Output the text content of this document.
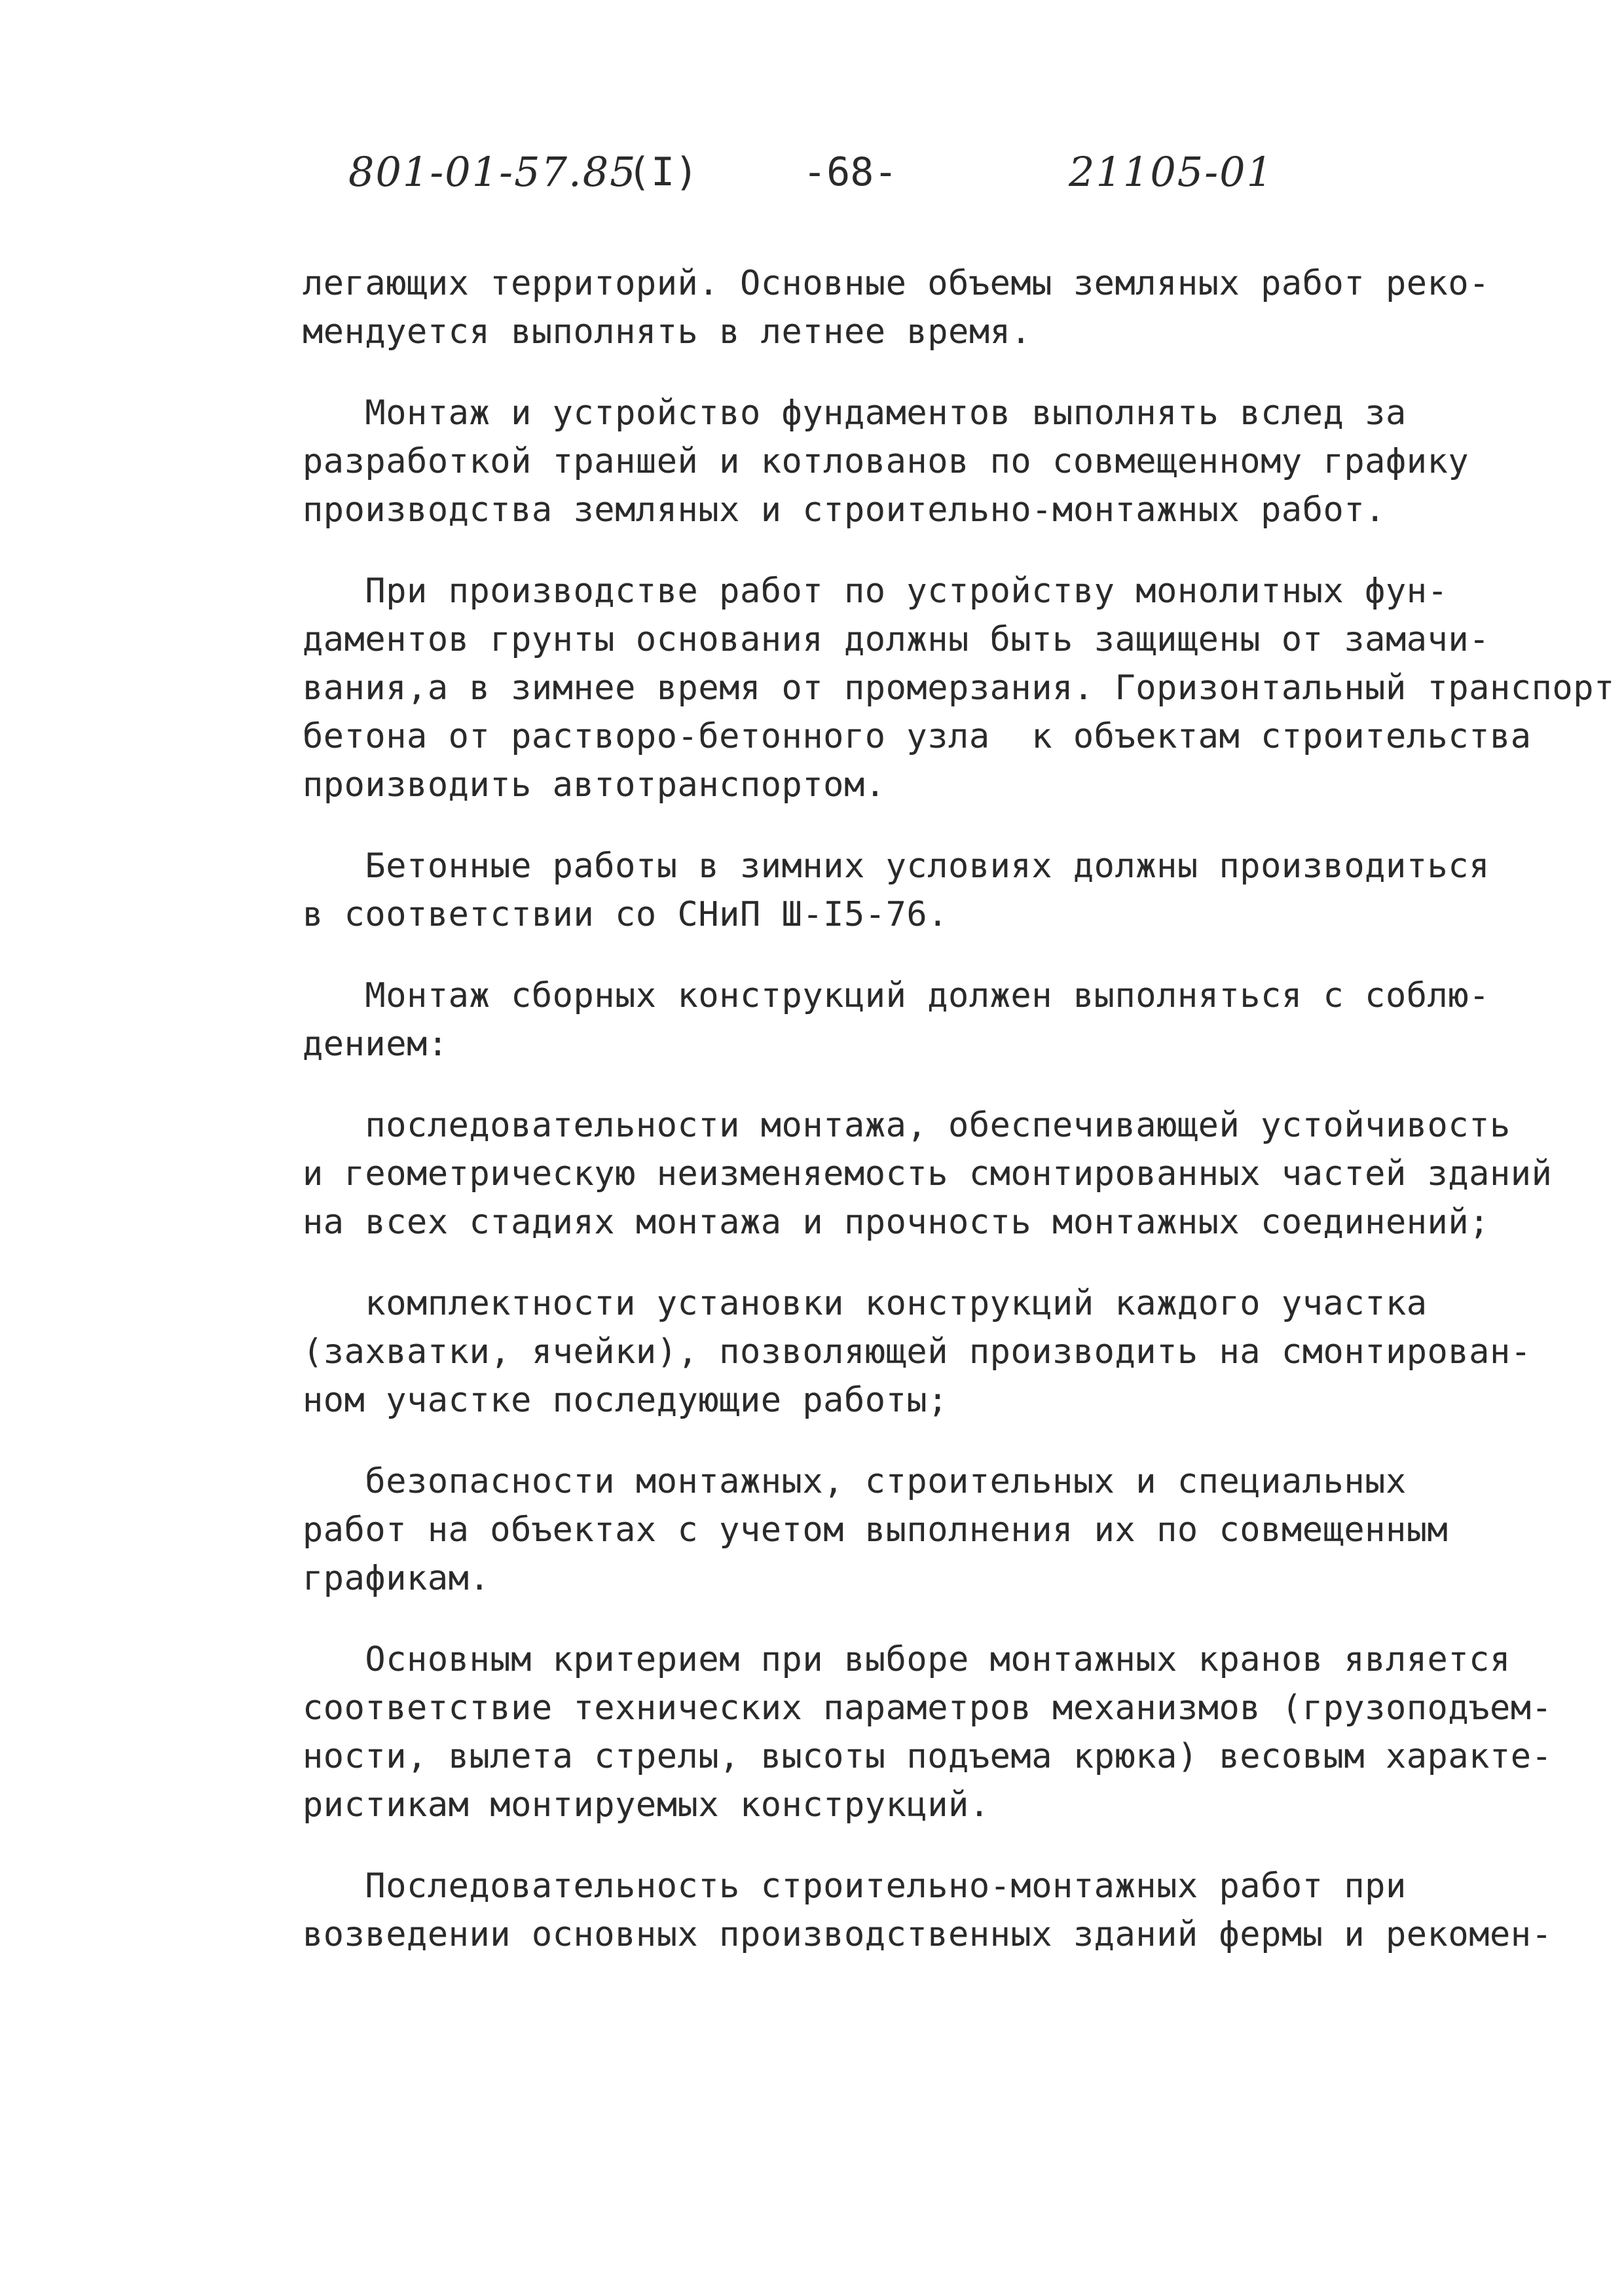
801-01-57.85
(I)	-68-	21105-01
легающих территорий. Основные объемы земляных работ реко-
мендуется выполнять в летнее время.
Монтаж и устройство фундаментов выполнять вслед за
разработкой траншей и котлованов по совмещенному графику
производства земляных и строительно-монтажных работ.
При производстве работ по устройству монолитных фун-
даментов грунты основания должны быть защищены от замачи-
вания,а в зимнее время от промерзания. Горизонтальный транспорт
бетона от растворо-бетонного узла  к объектам строительства
производить автотранспортом.
Бетонные работы в зимних условиях должны производиться
в соответствии со СНиП Ш-I5-76.
Монтаж сборных конструкций должен выполняться с соблю-
дением:
последовательности монтажа, обеспечивающей устойчивость
и геометрическую неизменяемость смонтированных частей зданий
на всех стадиях монтажа и прочность монтажных соединений;
комплектности установки конструкций каждого участка
(захватки, ячейки), позволяющей производить на смонтирован-
ном участке последующие работы;
безопасности монтажных, строительных и специальных
работ на объектах с учетом выполнения их по совмещенным
графикам.
Основным критерием при выборе монтажных кранов является
соответствие технических параметров механизмов (грузоподъем-
ности, вылета стрелы, высоты подъема крюка) весовым характе-
ристикам монтируемых конструкций.
Последовательность строительно-монтажных работ при
возведении основных производственных зданий фермы и рекомен-
